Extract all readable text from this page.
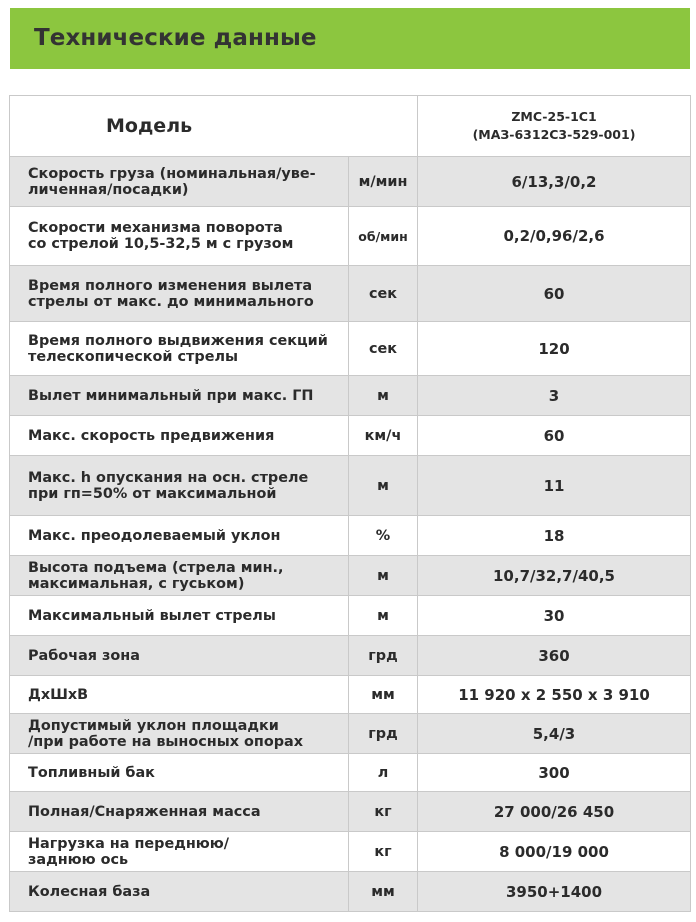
Технические данные
Модель		ZMC-25-1C1
(МАЗ-6312С3-529-001)

Скорость груза (номинальная/уве-
личенная/посадки)	м/мин	6/13,3/0,2

Скорости механизма поворота
со стрелой 10,5-32,5 м с грузом	об/мин	0,2/0,96/2,6

Время полного изменения вылета
стрелы от макс. до минимального	сек	60

Время полного выдвижения секций
телескопической стрелы	сек	120

Вылет минимальный при макс. ГП	м	3

Макс. скорость предвижения	км/ч	60

Макс. h опускания на осн. стреле
при гп=50% от максимальной	м	11

Макс. преодолеваемый уклон	%	18

Высота подъема (стрела мин.,
максимальная, с гуськом)	м	10,7/32,7/40,5

Максимальный вылет стрелы	м	30

Рабочая зона	грд	360

ДхШхВ	мм	11 920 х 2 550 х 3 910

Допустимый уклон площадки
/при работе на выносных опорах	грд	5,4/3

Топливный бак	л	300

Полная/Снаряженная масса	кг	27 000/26 450

Нагрузка на переднюю/
заднюю ось	кг	8 000/19 000

Колесная база	мм	3950+1400
